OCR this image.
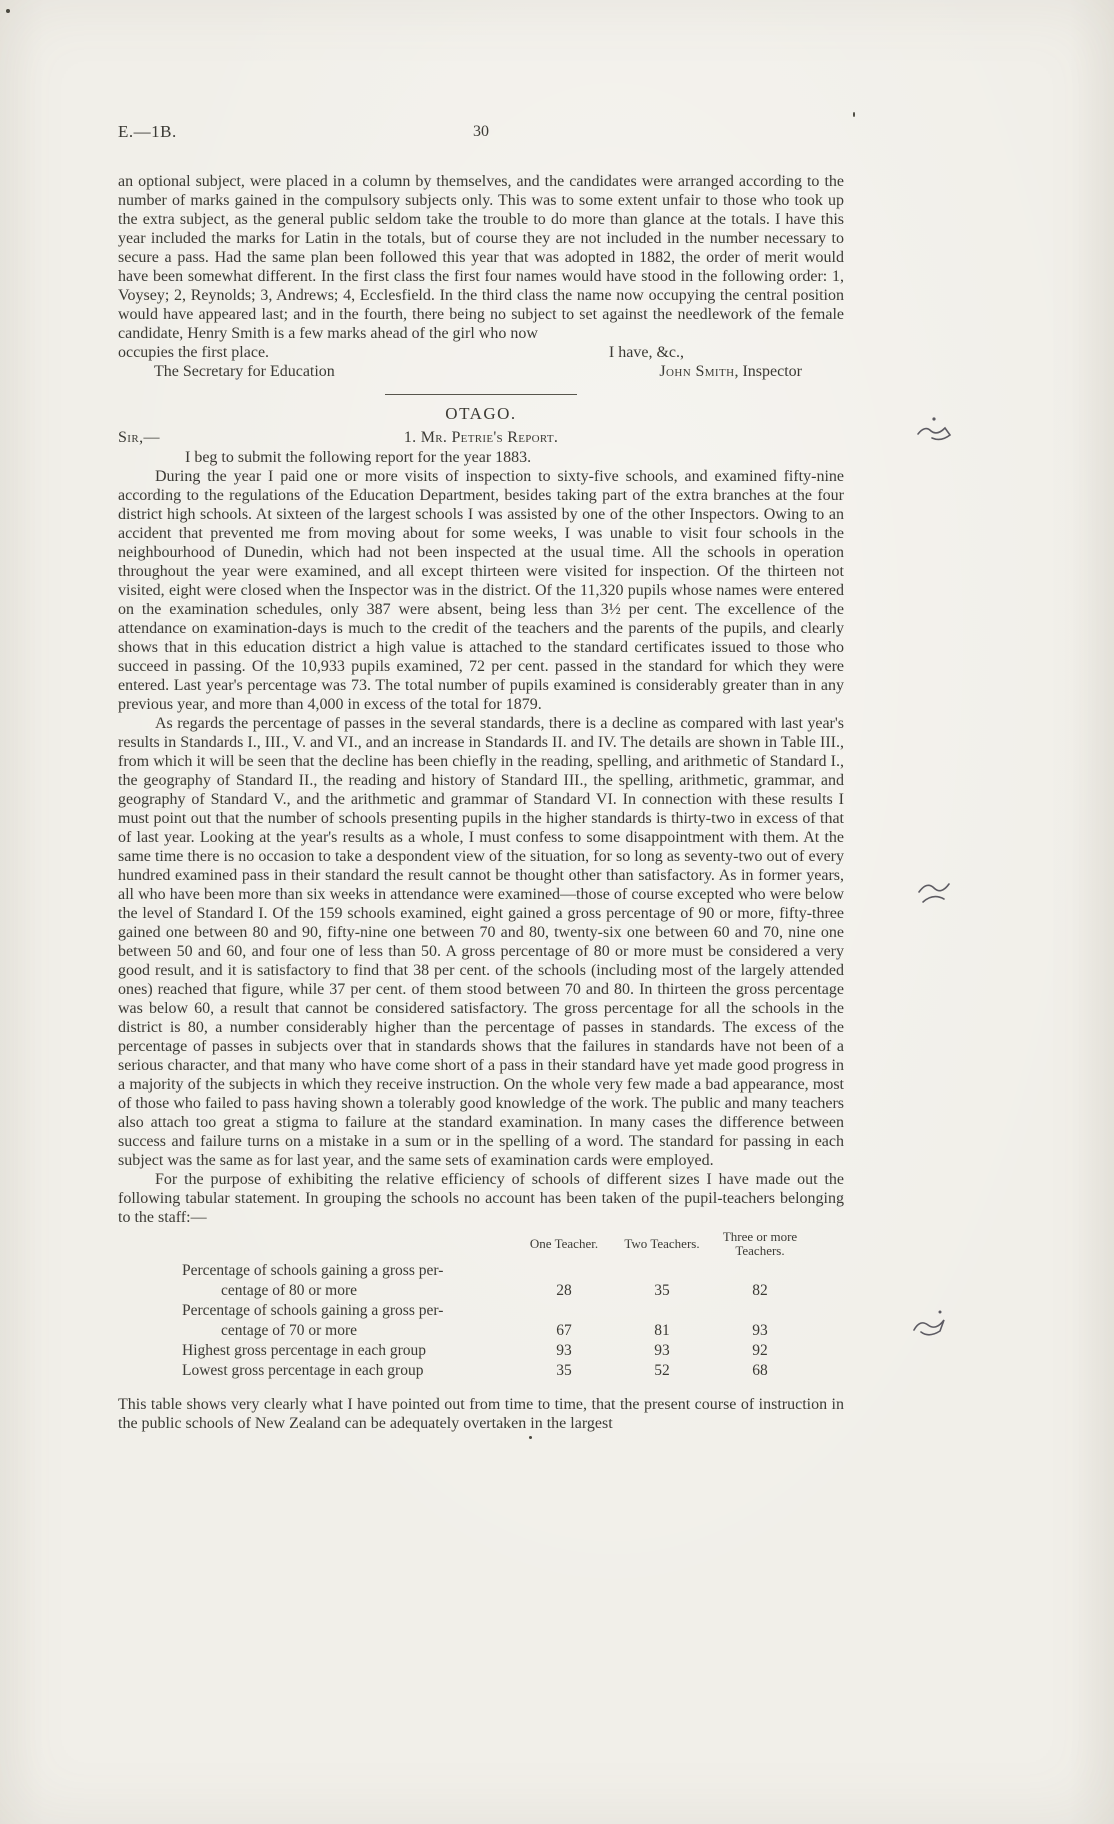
E.—1B.	30

an optional subject, were placed in a column by themselves, and the candidates were arranged according to the number of marks gained in the compulsory subjects only. This was to some extent unfair to those who took up the extra subject, as the general public seldom take the trouble to do more than glance at the totals. I have this year included the marks for Latin in the totals, but of course they are not included in the number necessary to secure a pass. Had the same plan been followed this year that was adopted in 1882, the order of merit would have been somewhat different. In the first class the first four names would have stood in the following order: 1, Voysey; 2, Reynolds; 3, Andrews; 4, Ecclesfield. In the third class the name now occupying the central position would have appeared last; and in the fourth, there being no subject to set against the needlework of the female candidate, Henry Smith is a few marks ahead of the girl who now

occupies the first place.	I have, &c.,
The Secretary for Education	John Smith, Inspector
OTAGO.
Sir,—	1. Mr. Petrie's Report.

I beg to submit the following report for the year 1883.

During the year I paid one or more visits of inspection to sixty-five schools, and examined fifty-nine according to the regulations of the Education Department, besides taking part of the extra branches at the four district high schools. At sixteen of the largest schools I was assisted by one of the other Inspectors. Owing to an accident that prevented me from moving about for some weeks, I was unable to visit four schools in the neighbourhood of Dunedin, which had not been inspected at the usual time. All the schools in operation throughout the year were examined, and all except thirteen were visited for inspection. Of the thirteen not visited, eight were closed when the Inspector was in the district. Of the 11,320 pupils whose names were entered on the examination schedules, only 387 were absent, being less than 3½ per cent. The excellence of the attendance on examination-days is much to the credit of the teachers and the parents of the pupils, and clearly shows that in this education district a high value is attached to the standard certificates issued to those who succeed in passing. Of the 10,933 pupils examined, 72 per cent. passed in the standard for which they were entered. Last year's percentage was 73. The total number of pupils examined is considerably greater than in any previous year, and more than 4,000 in excess of the total for 1879.

As regards the percentage of passes in the several standards, there is a decline as compared with last year's results in Standards I., III., V. and VI., and an increase in Standards II. and IV. The details are shown in Table III., from which it will be seen that the decline has been chiefly in the reading, spelling, and arithmetic of Standard I., the geography of Standard II., the reading and history of Standard III., the spelling, arithmetic, grammar, and geography of Standard V., and the arithmetic and grammar of Standard VI. In connection with these results I must point out that the number of schools presenting pupils in the higher standards is thirty-two in excess of that of last year. Looking at the year's results as a whole, I must confess to some disappointment with them. At the same time there is no occasion to take a despondent view of the situation, for so long as seventy-two out of every hundred examined pass in their standard the result cannot be thought other than satisfactory. As in former years, all who have been more than six weeks in attendance were examined—those of course excepted who were below the level of Standard I. Of the 159 schools examined, eight gained a gross percentage of 90 or more, fifty-three gained one between 80 and 90, fifty-nine one between 70 and 80, twenty-six one between 60 and 70, nine one between 50 and 60, and four one of less than 50. A gross percentage of 80 or more must be considered a very good result, and it is satisfactory to find that 38 per cent. of the schools (including most of the largely attended ones) reached that figure, while 37 per cent. of them stood between 70 and 80. In thirteen the gross percentage was below 60, a result that cannot be considered satisfactory. The gross percentage for all the schools in the district is 80, a number considerably higher than the percentage of passes in standards. The excess of the percentage of passes in subjects over that in standards shows that the failures in standards have not been of a serious character, and that many who have come short of a pass in their standard have yet made good progress in a majority of the subjects in which they receive instruction. On the whole very few made a bad appearance, most of those who failed to pass having shown a tolerably good knowledge of the work. The public and many teachers also attach too great a stigma to failure at the standard examination. In many cases the difference between success and failure turns on a mistake in a sum or in the spelling of a word. The standard for passing in each subject was the same as for last year, and the same sets of examination cards were employed.

For the purpose of exhibiting the relative efficiency of schools of different sizes I have made out the following tabular statement. In grouping the schools no account has been taken of the pupil-teachers belonging to the staff:—

One Teacher.	Two Teachers.	Three or more Teachers.
Percentage of schools gaining a gross per-
centage of 80 or more	28	35	82
Percentage of schools gaining a gross per-
centage of 70 or more	67	81	93
Highest gross percentage in each group	93	93	92
Lowest gross percentage in each group	35	52	68

This table shows very clearly what I have pointed out from time to time, that the present course of instruction in the public schools of New Zealand can be adequately overtaken in the largest
